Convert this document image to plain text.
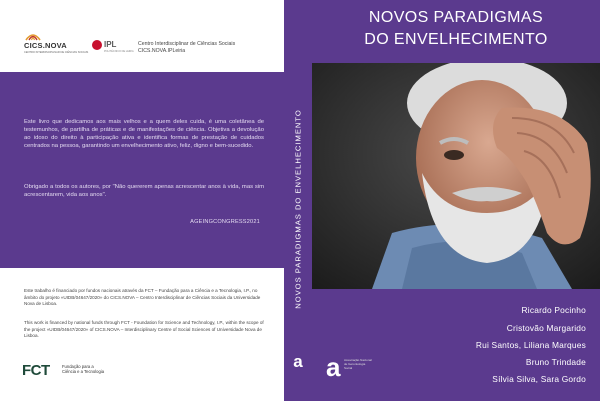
CICS.NOVA
CENTRO INTERDISCIPLINAR DE CIÊNCIAS SOCIAIS
IPL
POLITÉCNICO DE LEIRIA
Centro Interdisciplinar de Ciências Sociais
CICS.NOVA.IPLeiria

Este livro que dedicamos aos mais velhos e a quem deles cuida, é uma coletânea de testemunhos, de partilha de práticas e de manifestações de ciência. Objetiva a devolução ao idoso do direito à participação ativa e identifica formas de prestação de cuidados centrados na pessoa, garantindo um envelhecimento ativo, feliz, digno e bem-sucedido.

Obrigado a todos os autores, por "Não quererem apenas acrescentar anos à vida, mas sim acrescentarem, vida aos anos".

AGEINGCONGRESS2021

Este trabalho é financiado por fundos nacionais através da FCT – Fundação para a Ciência e a Tecnologia, I.P., no âmbito do projeto «UIDB/04647/2020» do CICS.NOVA – Centro Interdisciplinar de Ciências Sociais da Universidade Nova de Lisboa.

This work is financed by national funds through FCT - Foundation for Science and Technology, I.P., within the scope of the project «UIDB/04647/2020» of CICS.NOVA – Interdisciplinary Centre of Social Sciences of Universidade Nova de Lisboa.

FCT	Fundação para a Ciência e a Tecnologia
NOVOS PARADIGMAS DO ENVELHECIMENTO
a
NOVOS PARADIGMAS
DO ENVELHECIMENTO
Ricardo Pocinho
Cristovão Margarido
Rui Santos, Liliana Marques
Bruno Trindade
Sílvia Silva, Sara Gordo
a Associação Nacional de Gerontologia Social
